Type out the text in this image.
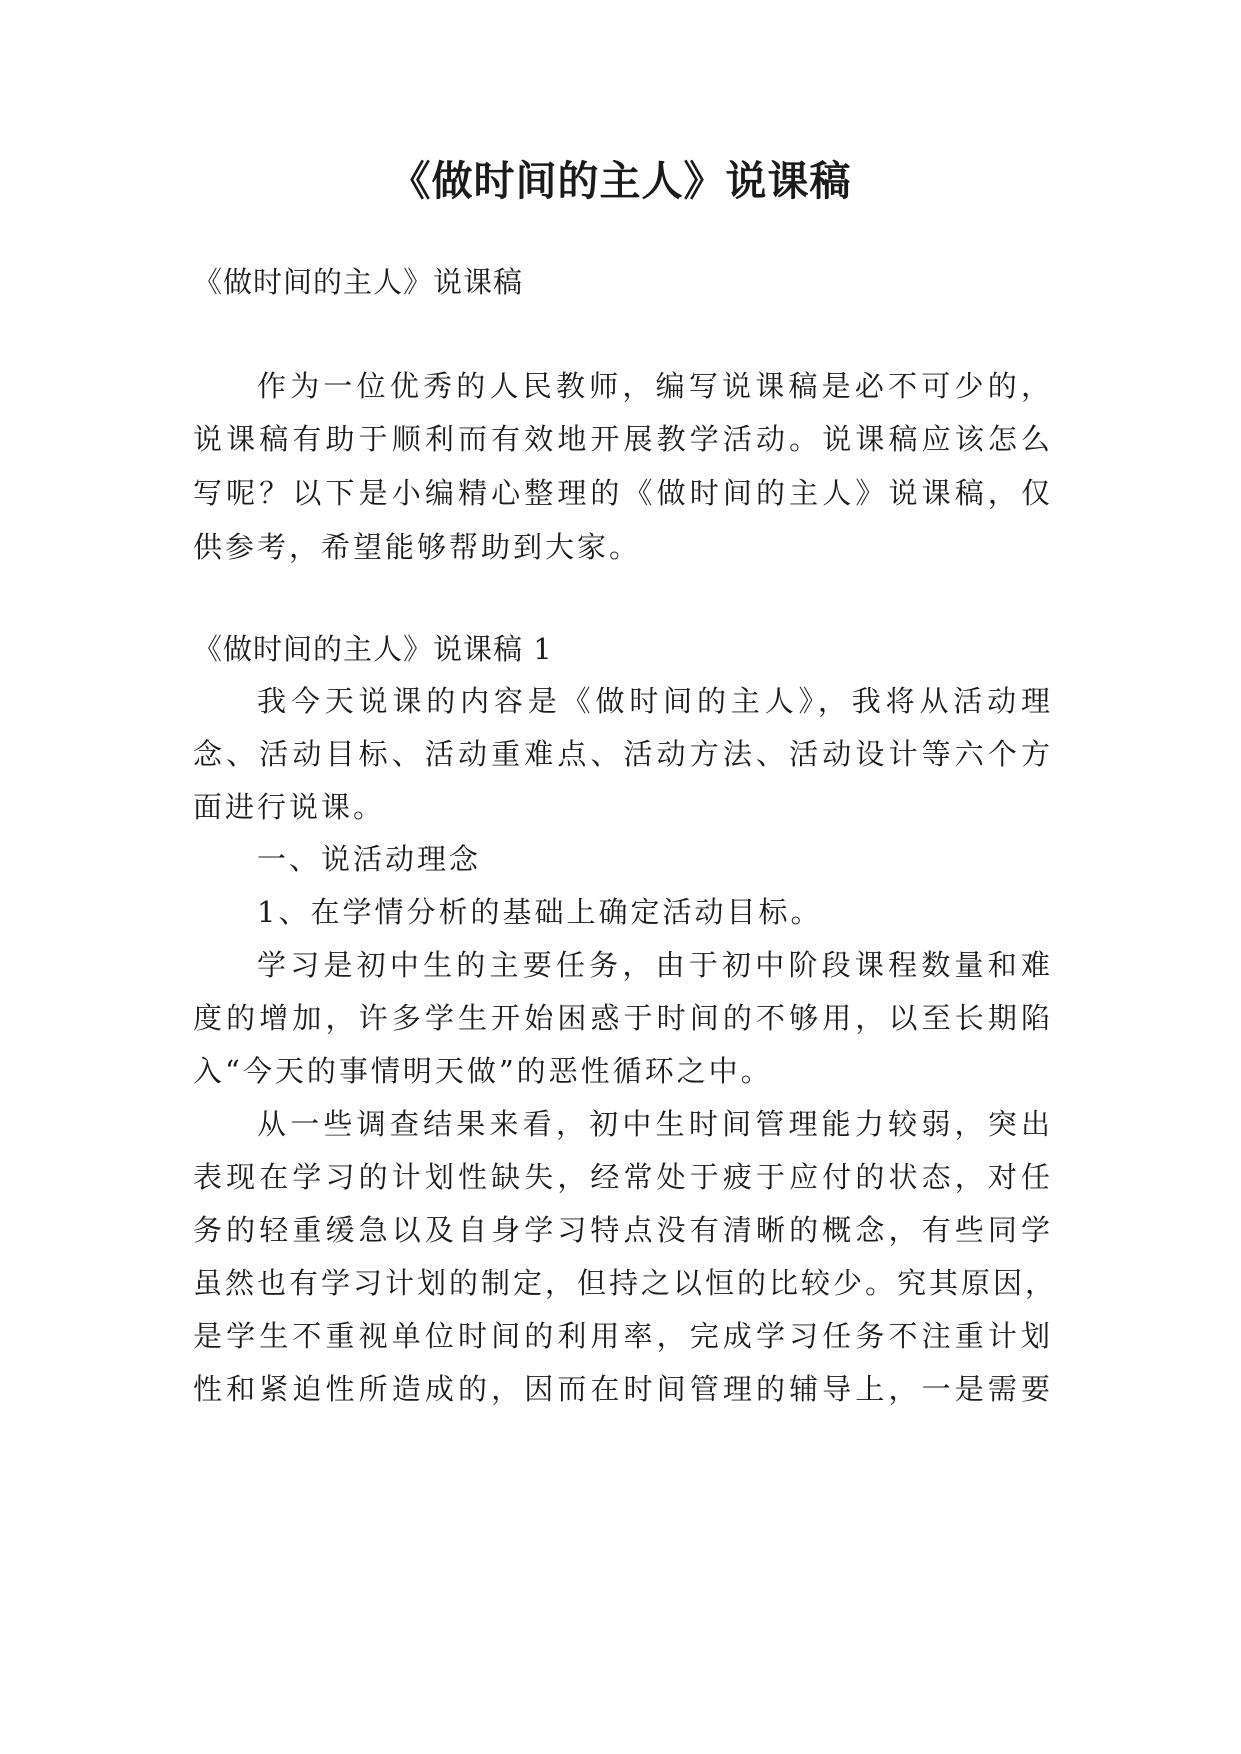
《做时间的主人》说课稿

《做时间的主人》说课稿

作为一位优秀的人民教师，编写说课稿是必不可少的，

说课稿有助于顺利而有效地开展教学活动。说课稿应该怎么

写呢？以下是小编精心整理的《做时间的主人》说课稿，仅

供参考，希望能够帮助到大家。

《做时间的主人》说课稿 1

我今天说课的内容是《做时间的主人》，我将从活动理

念、活动目标、活动重难点、活动方法、活动设计等六个方

面进行说课。

一、说活动理念

1、在学情分析的基础上确定活动目标。

学习是初中生的主要任务，由于初中阶段课程数量和难

度的增加，许多学生开始困惑于时间的不够用，以至长期陷

入“今天的事情明天做”的恶性循环之中。

从一些调查结果来看，初中生时间管理能力较弱，突出

表现在学习的计划性缺失，经常处于疲于应付的状态，对任

务的轻重缓急以及自身学习特点没有清晰的概念，有些同学

虽然也有学习计划的制定，但持之以恒的比较少。究其原因，

是学生不重视单位时间的利用率，完成学习任务不注重计划

性和紧迫性所造成的，因而在时间管理的辅导上，一是需要
